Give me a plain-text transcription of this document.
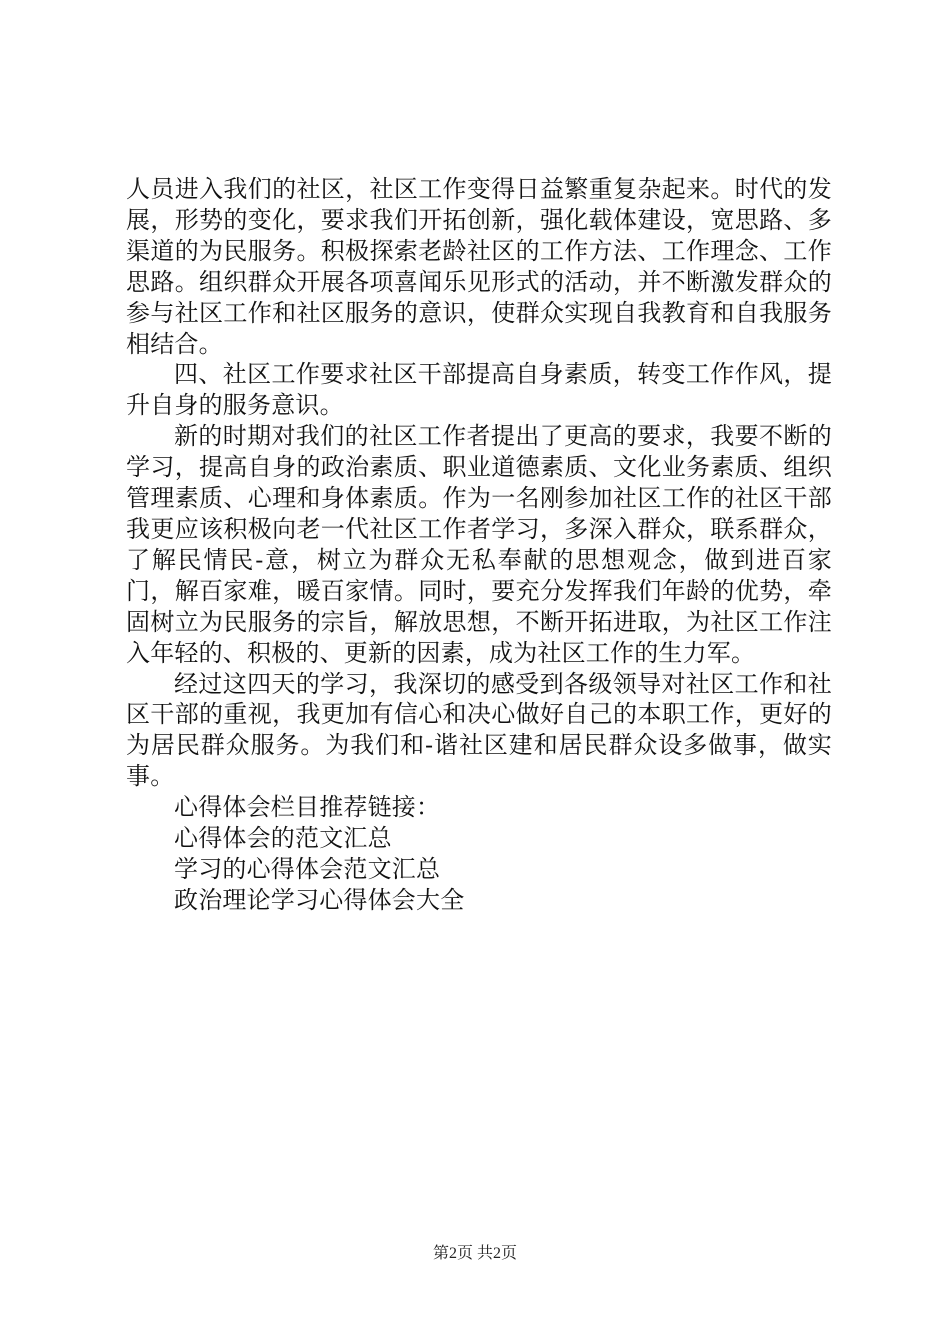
人员进入我们的社区，社区工作变得日益繁重复杂起来。时代的发展，形势的变化，要求我们开拓创新，强化载体建设，宽思路、多渠道的为民服务。积极探索老龄社区的工作方法、工作理念、工作思路。组织群众开展各项喜闻乐见形式的活动，并不断激发群众的参与社区工作和社区服务的意识，使群众实现自我教育和自我服务相结合。

四、社区工作要求社区干部提高自身素质，转变工作作风，提升自身的服务意识。

新的时期对我们的社区工作者提出了更高的要求，我要不断的学习，提高自身的政治素质、职业道德素质、文化业务素质、组织管理素质、心理和身体素质。作为一名刚参加社区工作的社区干部我更应该积极向老一代社区工作者学习，多深入群众，联系群众，了解民情民-意，树立为群众无私奉献的思想观念，做到进百家门，解百家难，暖百家情。同时，要充分发挥我们年龄的优势，牵固树立为民服务的宗旨，解放思想，不断开拓进取，为社区工作注入年轻的、积极的、更新的因素，成为社区工作的生力军。

经过这四天的学习，我深切的感受到各级领导对社区工作和社区干部的重视，我更加有信心和决心做好自己的本职工作，更好的为居民群众服务。为我们和-谐社区建和居民群众设多做事，做实事。

心得体会栏目推荐链接：
心得体会的范文汇总
学习的心得体会范文汇总
政治理论学习心得体会大全
第2页 共2页
